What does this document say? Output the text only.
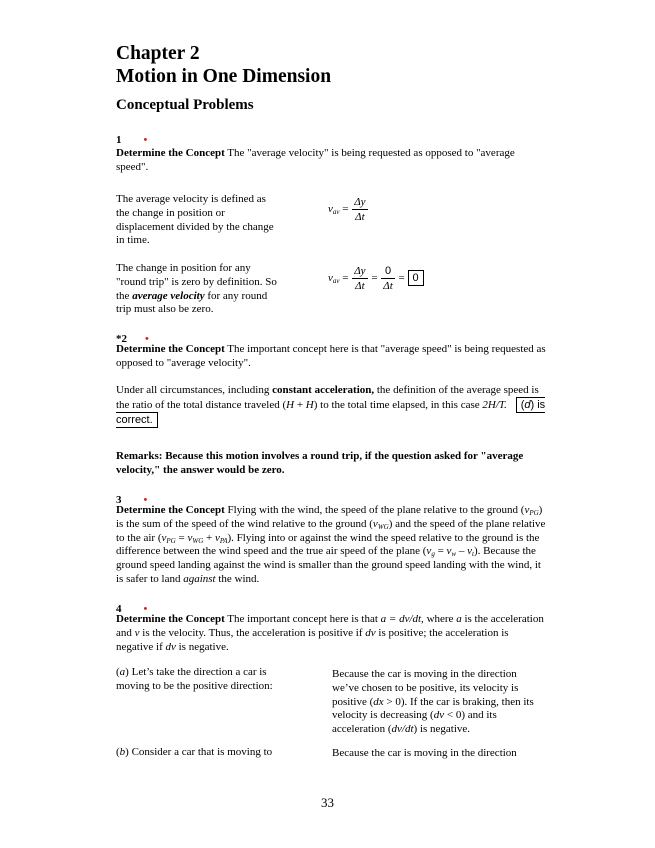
Chapter 2
Motion in One Dimension
Conceptual Problems
1 •
Determine the Concept The "average velocity" is being requested as opposed to "average speed".
The average velocity is defined as the change in position or displacement divided by the change in time.
$v_{av} = \frac{\Delta y}{\Delta t}$
The change in position for any "round trip" is zero by definition. So the average velocity for any round trip must also be zero.
$v_{av} = \frac{\Delta y}{\Delta t} = \frac{0}{\Delta t} = 0$
*2 •
Determine the Concept The important concept here is that "average speed" is being requested as opposed to "average velocity".
Under all circumstances, including constant acceleration, the definition of the average speed is the ratio of the total distance traveled (H + H) to the total time elapsed, in this case 2H/T. (d) is correct.
Remarks: Because this motion involves a round trip, if the question asked for "average velocity," the answer would be zero.
3 •
Determine the Concept Flying with the wind, the speed of the plane relative to the ground $(v_{PG})$ is the sum of the speed of the wind relative to the ground $(v_{WG})$ and the speed of the plane relative to the air $(v_{PG} = v_{WG} + v_{PA})$. Flying into or against the wind the speed relative to the ground is the difference between the wind speed and the true air speed of the plane $(v_g = v_w - v_t)$. Because the ground speed landing against the wind is smaller than the ground speed landing with the wind, it is safer to land against the wind.
4 •
Determine the Concept The important concept here is that a = dv/dt, where a is the acceleration and v is the velocity. Thus, the acceleration is positive if dv is positive; the acceleration is negative if dv is negative.
(a) Let’s take the direction a car is moving to be the positive direction:
Because the car is moving in the direction we’ve chosen to be positive, its velocity is positive (dx > 0). If the car is braking, then its velocity is decreasing (dv < 0) and its acceleration (dv/dt) is negative.
(b) Consider a car that is moving to	Because the car is moving in the direction
33
